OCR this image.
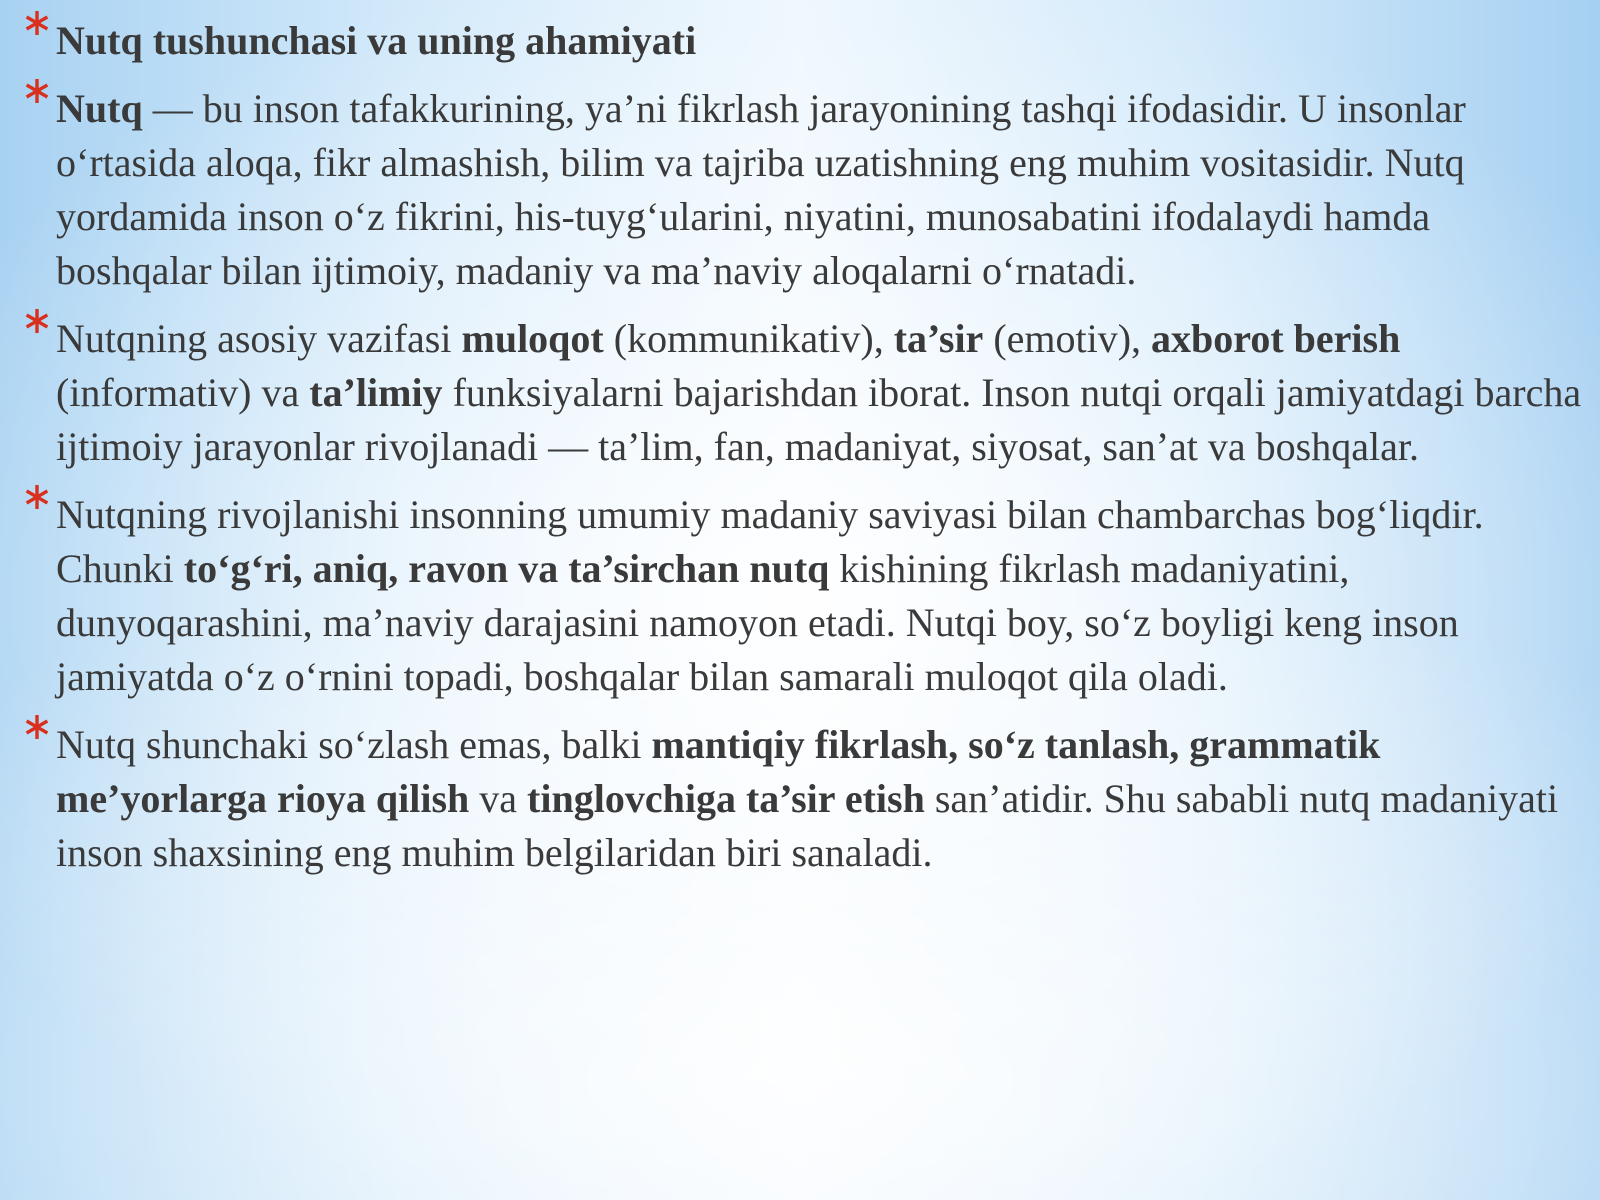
Nutq tushunchasi va uning ahamiyati
Nutq — bu inson tafakkurining, ya’ni fikrlash jarayonining tashqi ifodasidir. U insonlar o‘rtasida aloqa, fikr almashish, bilim va tajriba uzatishning eng muhim vositasidir. Nutq yordamida inson o‘z fikrini, his-tuyg‘ularini, niyatini, munosabatini ifodalaydi hamda boshqalar bilan ijtimoiy, madaniy va ma’naviy aloqalarni o‘rnatadi.
Nutqning asosiy vazifasi muloqot (kommunikativ), ta’sir (emotiv), axborot berish (informativ) va ta’limiy funksiyalarni bajarishdan iborat. Inson nutqi orqali jamiyatdagi barcha ijtimoiy jarayonlar rivojlanadi — ta’lim, fan, madaniyat, siyosat, san’at va boshqalar.
Nutqning rivojlanishi insonning umumiy madaniy saviyasi bilan chambarchas bog‘liqdir. Chunki to‘g‘ri, aniq, ravon va ta’sirchan nutq kishining fikrlash madaniyatini, dunyoqarashini, ma’naviy darajasini namoyon etadi. Nutqi boy, so‘z boyligi keng inson jamiyatda o‘z o‘rnini topadi, boshqalar bilan samarali muloqot qila oladi.
Nutq shunchaki so‘zlash emas, balki mantiqiy fikrlash, so‘z tanlash, grammatik me’yorlarga rioya qilish va tinglovchiga ta’sir etish san’atidir. Shu sababli nutq madaniyati inson shaxsining eng muhim belgilaridan biri sanaladi.
